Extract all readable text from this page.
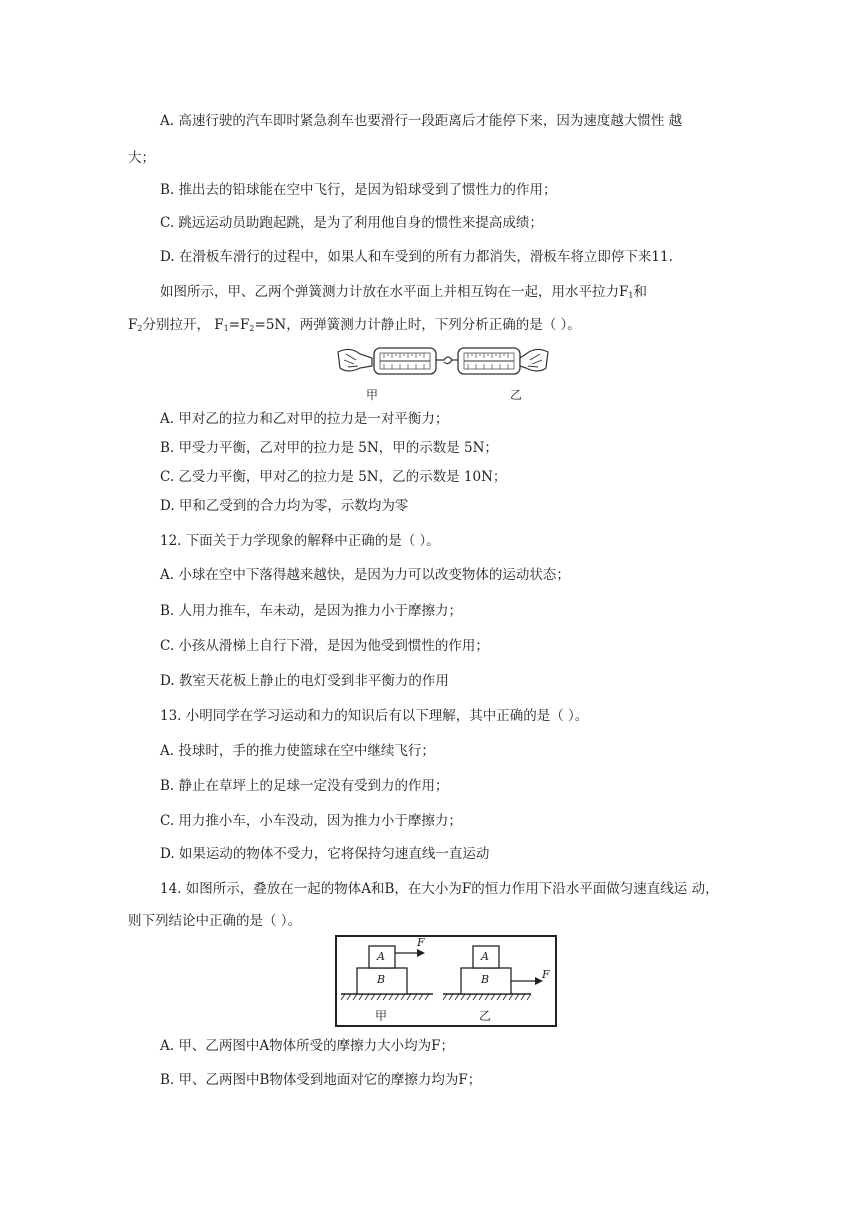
A. 高速行驶的汽车即时紧急刹车也要滑行一段距离后才能停下来，因为速度越大惯性 越
大；
B. 推出去的铅球能在空中飞行，是因为铅球受到了惯性力的作用；
C. 跳远运动员助跑起跳，是为了利用他自身的惯性来提高成绩；
D. 在滑板车滑行的过程中，如果人和车受到的所有力都消失，滑板车将立即停下来11.
如图所示，甲、乙两个弹簧测力计放在水平面上并相互钩在一起，用水平拉力$F_1$和
$F_2$分别拉开， $F_1=F_2=5N$，两弹簧测力计静止时，下列分析正确的是（ ）。
甲	乙
A. 甲对乙的拉力和乙对甲的拉力是一对平衡力；
B. 甲受力平衡，乙对甲的拉力是 5N，甲的示数是 5N；
C. 乙受力平衡，甲对乙的拉力是 5N，乙的示数是 10N；
D. 甲和乙受到的合力均为零，示数均为零
12. 下面关于力学现象的解释中正确的是（ ）。
A. 小球在空中下落得越来越快，是因为力可以改变物体的运动状态；
B. 人用力推车，车未动，是因为推力小于摩擦力；
C. 小孩从滑梯上自行下滑，是因为他受到惯性的作用；
D. 教室天花板上静止的电灯受到非平衡力的作用
13. 小明同学在学习运动和力的知识后有以下理解，其中正确的是（ ）。
A. 投球时，手的推力使篮球在空中继续飞行；
B. 静止在草坪上的足球一定没有受到力的作用；
C. 用力推小车，小车没动，因为推力小于摩擦力；
D. 如果运动的物体不受力，它将保持匀速直线一直运动
14. 如图所示，叠放在一起的物体A和B，在大小为F的恒力作用下沿水平面做匀速直线运 动，
则下列结论中正确的是（ ）。
A
B
F
A
B	F
甲	乙
A. 甲、乙两图中A物体所受的摩擦力大小均为F；
B. 甲、乙两图中B物体受到地面对它的摩擦力均为F；
